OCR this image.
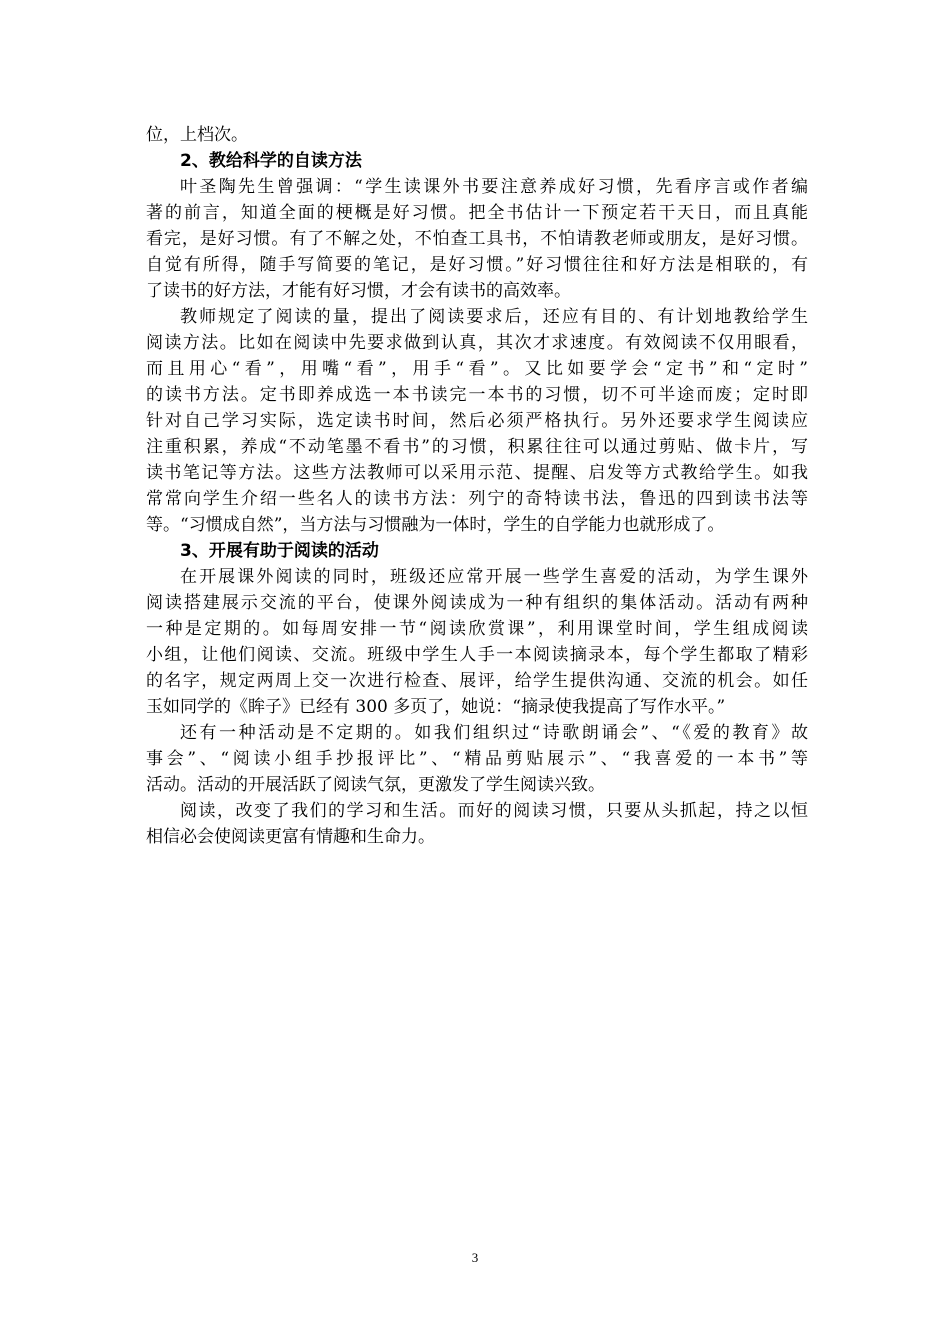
位，上档次。
2、教给科学的自读方法
叶圣陶先生曾强调：“学生读课外书要注意养成好习惯，先看序言或作者编
著的前言，知道全面的梗概是好习惯。把全书估计一下预定若干天日，而且真能
看完，是好习惯。有了不解之处，不怕查工具书，不怕请教老师或朋友，是好习惯。
自觉有所得，随手写简要的笔记，是好习惯。”好习惯往往和好方法是相联的，有
了读书的好方法，才能有好习惯，才会有读书的高效率。
教师规定了阅读的量，提出了阅读要求后，还应有目的、有计划地教给学生
阅读方法。比如在阅读中先要求做到认真，其次才求速度。有效阅读不仅用眼看，
而且用心“看”，用嘴“看”，用手“看”。又比如要学会“定书”和“定时”
的读书方法。定书即养成选一本书读完一本书的习惯，切不可半途而废；定时即
针对自己学习实际，选定读书时间，然后必须严格执行。另外还要求学生阅读应
注重积累，养成“不动笔墨不看书”的习惯，积累往往可以通过剪贴、做卡片，写
读书笔记等方法。这些方法教师可以采用示范、提醒、启发等方式教给学生。如我
常常向学生介绍一些名人的读书方法：列宁的奇特读书法，鲁迅的四到读书法等
等。“习惯成自然”，当方法与习惯融为一体时，学生的自学能力也就形成了。
3、开展有助于阅读的活动
在开展课外阅读的同时，班级还应常开展一些学生喜爱的活动，为学生课外
阅读搭建展示交流的平台，使课外阅读成为一种有组织的集体活动。活动有两种
一种是定期的。如每周安排一节“阅读欣赏课”，利用课堂时间，学生组成阅读
小组，让他们阅读、交流。班级中学生人手一本阅读摘录本，每个学生都取了精彩
的名字，规定两周上交一次进行检查、展评，给学生提供沟通、交流的机会。如任
玉如同学的《眸子》已经有 300 多页了，她说：“摘录使我提高了写作水平。”
还有一种活动是不定期的。如我们组织过“诗歌朗诵会”、“《爱的教育》故
事会”、“阅读小组手抄报评比”、“精品剪贴展示”、“我喜爱的一本书”等
活动。活动的开展活跃了阅读气氛，更激发了学生阅读兴致。
阅读，改变了我们的学习和生活。而好的阅读习惯，只要从头抓起，持之以恒
相信必会使阅读更富有情趣和生命力。
3
